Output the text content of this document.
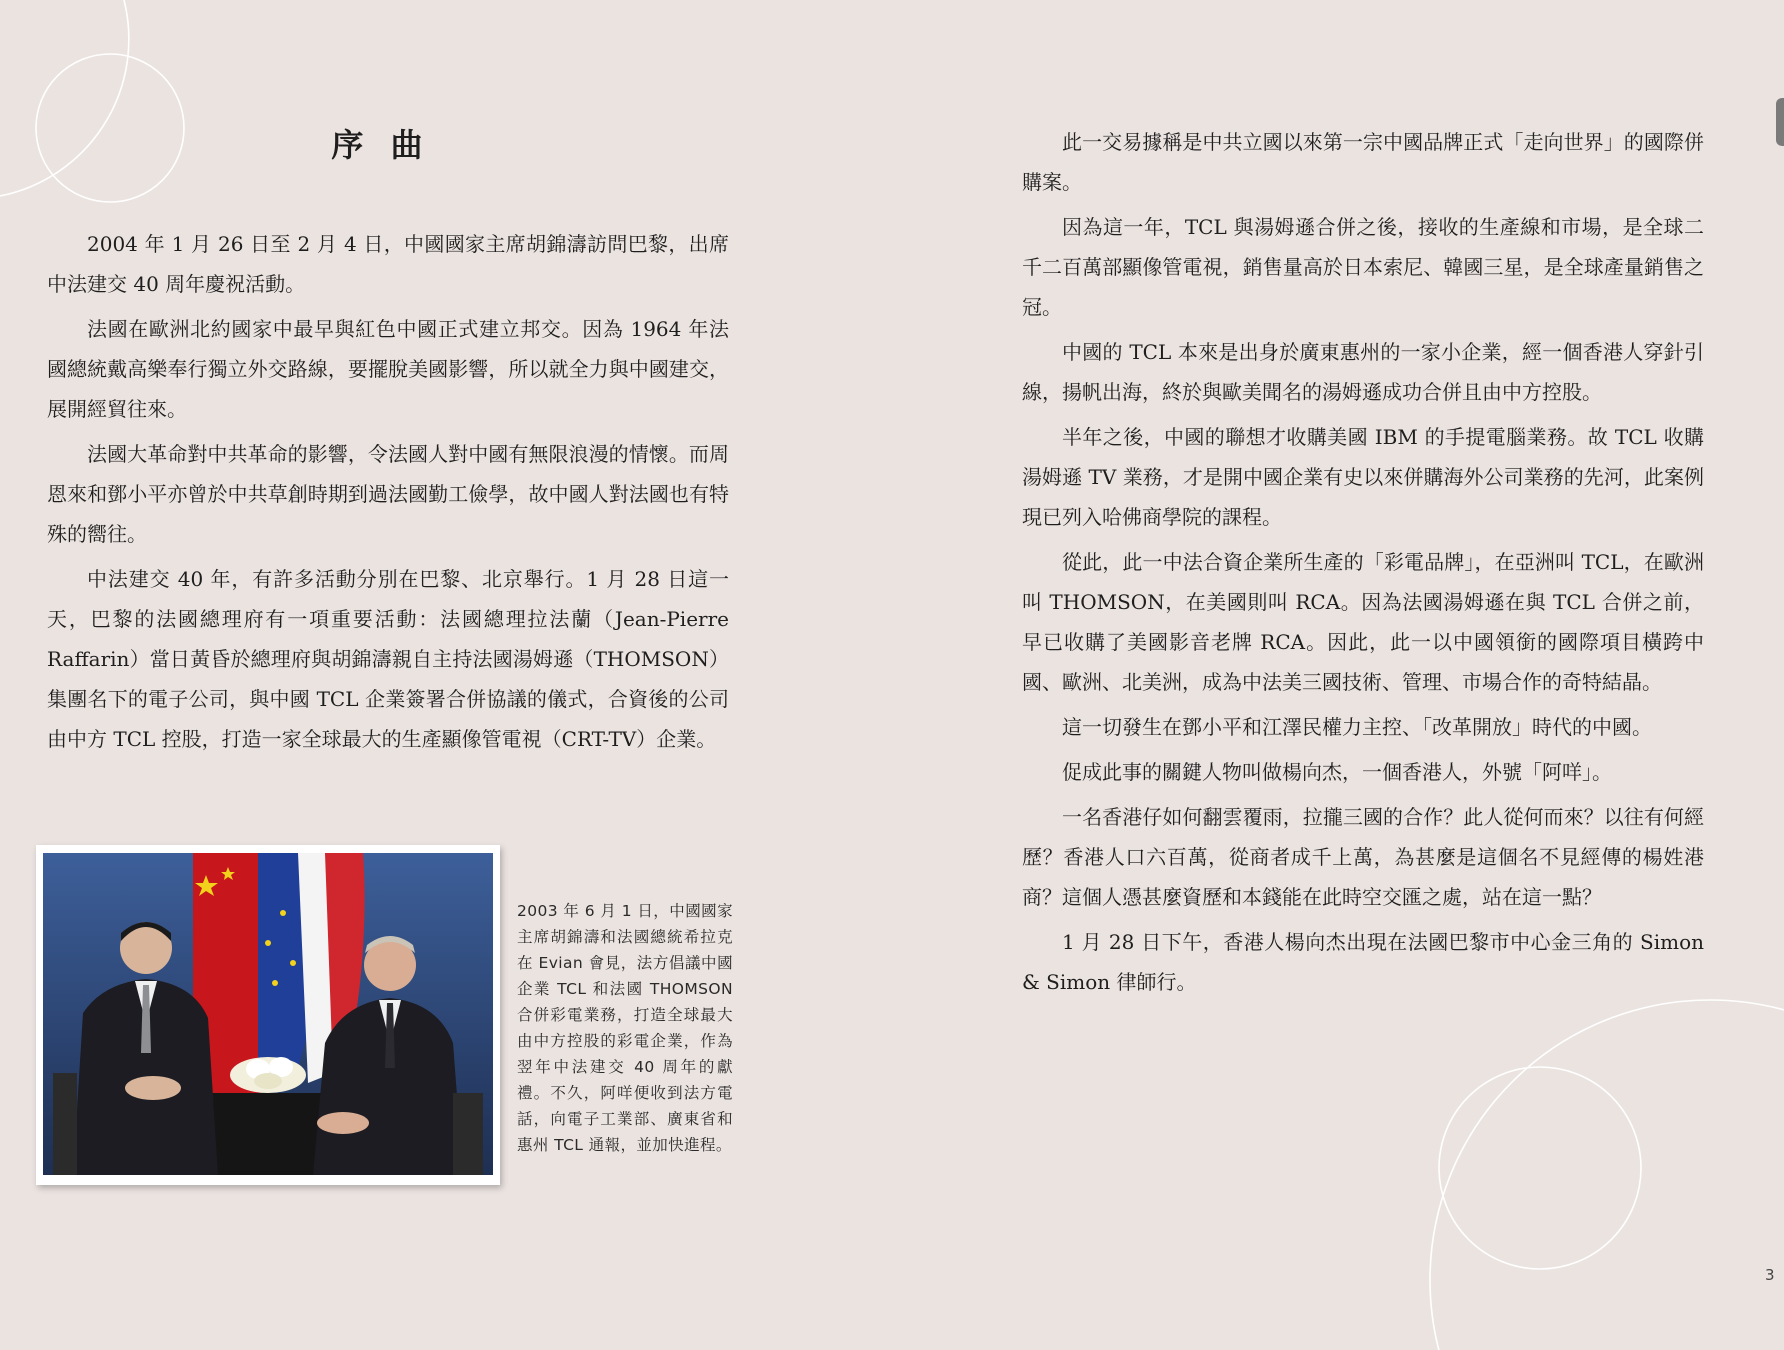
序 曲

2004 年 1 月 26 日至 2 月 4 日，中國國家主席胡錦濤訪問巴黎，出席中法建交 40 周年慶祝活動。

法國在歐洲北約國家中最早與紅色中國正式建立邦交。因為 1964 年法國總統戴高樂奉行獨立外交路線，要擺脫美國影響，所以就全力與中國建交，展開經貿往來。

法國大革命對中共革命的影響，令法國人對中國有無限浪漫的情懷。而周恩來和鄧小平亦曾於中共草創時期到過法國勤工儉學，故中國人對法國也有特殊的嚮往。

中法建交 40 年，有許多活動分別在巴黎、北京舉行。1 月 28 日這一天，巴黎的法國總理府有一項重要活動：法國總理拉法蘭（Jean-Pierre Raffarin）當日黃昏於總理府與胡錦濤親自主持法國湯姆遜（THOMSON）集團名下的電子公司，與中國 TCL 企業簽署合併協議的儀式，合資後的公司由中方 TCL 控股，打造一家全球最大的生產顯像管電視（CRT-TV）企業。

2003 年 6 月 1 日，中國國家主席胡錦濤和法國總統希拉克在 Evian 會見，法方倡議中國企業 TCL 和法國 THOMSON 合併彩電業務，打造全球最大由中方控股的彩電企業，作為翌年中法建交 40 周年的獻禮。不久，阿咩便收到法方電話，向電子工業部、廣東省和惠州 TCL 通報，並加快進程。

此一交易據稱是中共立國以來第一宗中國品牌正式「走向世界」的國際併購案。

因為這一年，TCL 與湯姆遜合併之後，接收的生產線和市場，是全球二千二百萬部顯像管電視，銷售量高於日本索尼、韓國三星，是全球產量銷售之冠。

中國的 TCL 本來是出身於廣東惠州的一家小企業，經一個香港人穿針引線，揚帆出海，終於與歐美聞名的湯姆遜成功合併且由中方控股。

半年之後，中國的聯想才收購美國 IBM 的手提電腦業務。故 TCL 收購湯姆遜 TV 業務，才是開中國企業有史以來併購海外公司業務的先河，此案例現已列入哈佛商學院的課程。

從此，此一中法合資企業所生產的「彩電品牌」，在亞洲叫 TCL，在歐洲叫 THOMSON，在美國則叫 RCA。因為法國湯姆遜在與 TCL 合併之前，早已收購了美國影音老牌 RCA。因此，此一以中國領銜的國際項目橫跨中國、歐洲、北美洲，成為中法美三國技術、管理、市場合作的奇特結晶。

這一切發生在鄧小平和江澤民權力主控、「改革開放」時代的中國。

促成此事的關鍵人物叫做楊向杰，一個香港人，外號「阿咩」。

一名香港仔如何翻雲覆雨，拉攏三國的合作？此人從何而來？以往有何經歷？香港人口六百萬，從商者成千上萬，為甚麼是這個名不見經傳的楊姓港商？這個人憑甚麼資歷和本錢能在此時空交匯之處，站在這一點？

1 月 28 日下午，香港人楊向杰出現在法國巴黎市中心金三角的 Simon & Simon 律師行。

3
